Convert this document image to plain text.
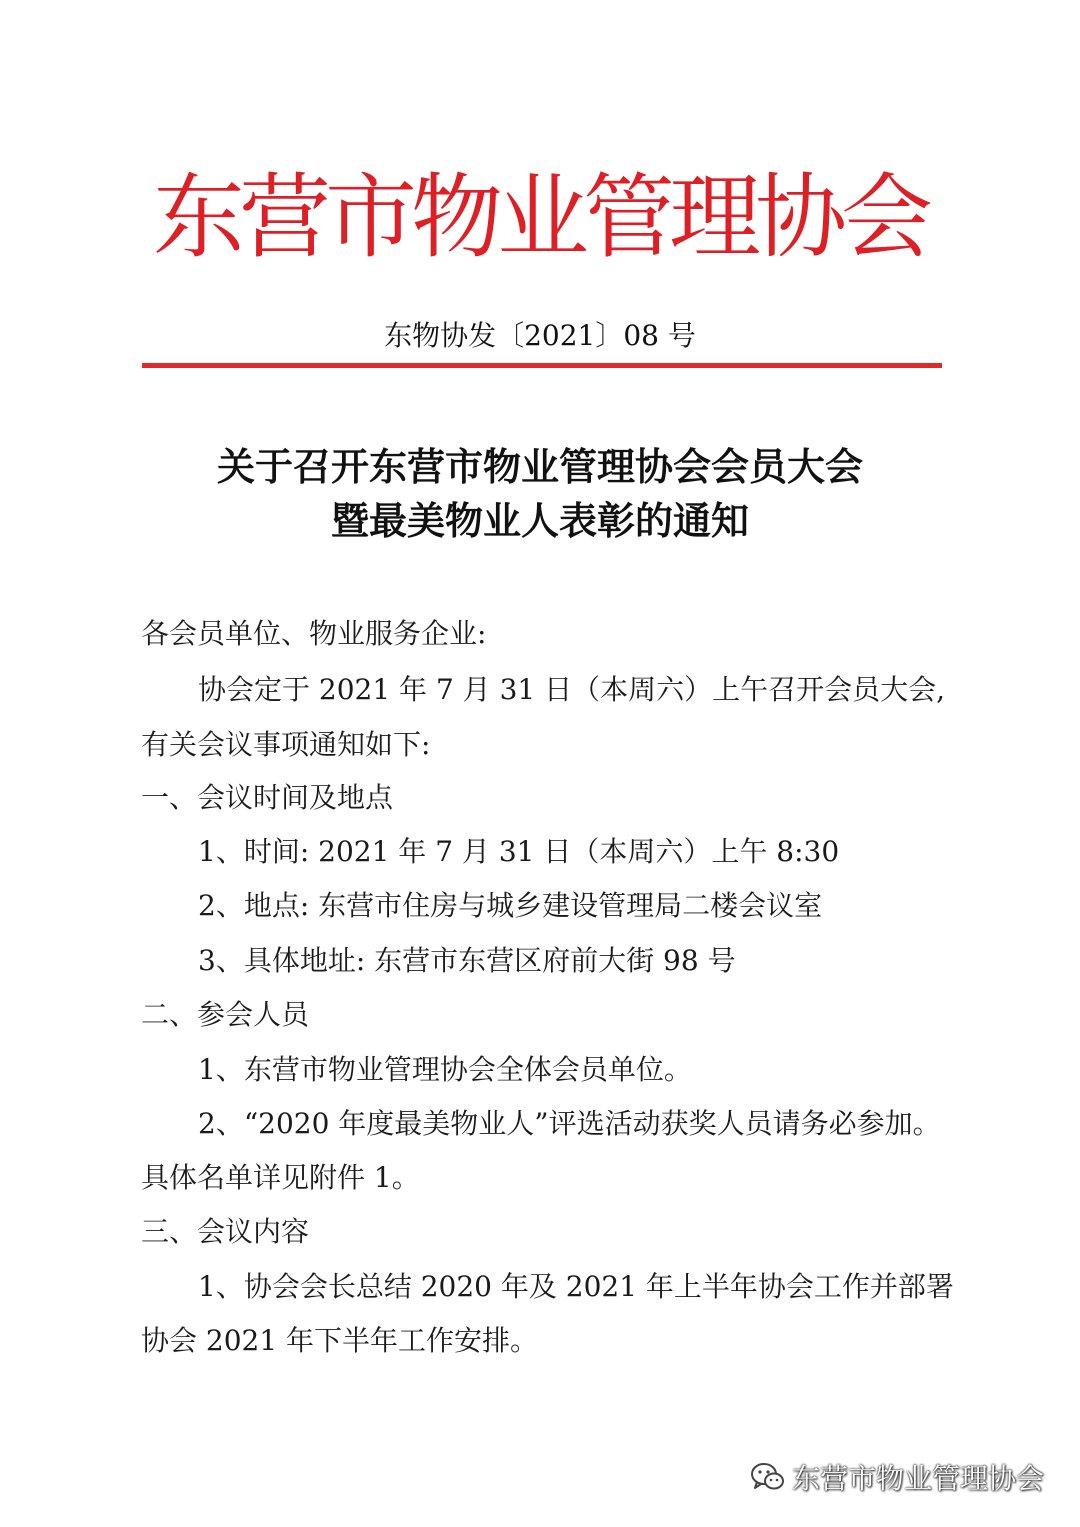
东营市物业管理协会
东物协发〔2021〕08 号
关于召开东营市物业管理协会会员大会
暨最美物业人表彰的通知
各会员单位、物业服务企业:
协会定于 2021 年 7 月 31 日（本周六）上午召开会员大会,
有关会议事项通知如下:
一、会议时间及地点
1、时间: 2021 年 7 月 31 日（本周六）上午 8:30
2、地点: 东营市住房与城乡建设管理局二楼会议室
3、具体地址: 东营市东营区府前大街 98 号
二、参会人员
1、东营市物业管理协会全体会员单位。
2、“2020 年度最美物业人”评选活动获奖人员请务必参加。
具体名单详见附件 1。
三、会议内容
1、协会会长总结 2020 年及 2021 年上半年协会工作并部署
协会 2021 年下半年工作安排。
东营市物业管理协会
